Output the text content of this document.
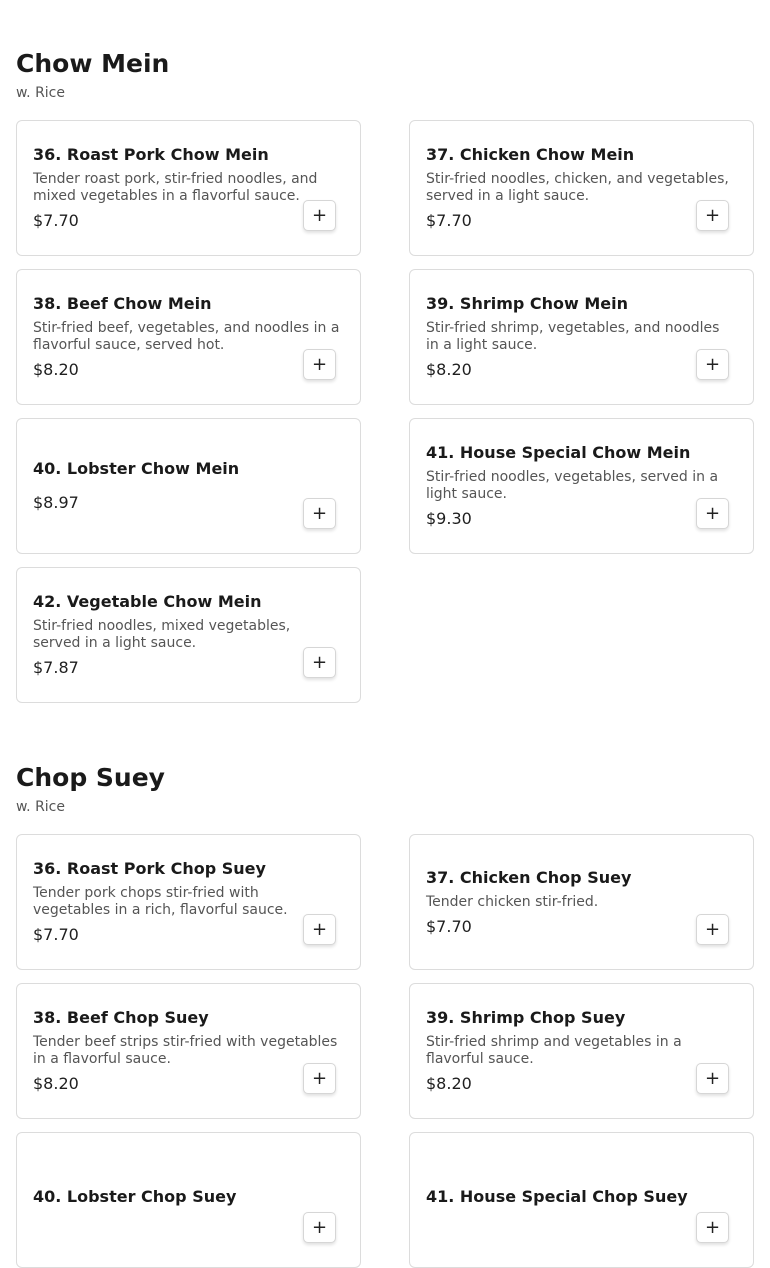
Chow Mein

w. Rice

36. Roast Pork Chow Mein

Tender roast pork, stir-fried noodles, and mixed vegetables in a flavorful sauce.

$7.70	+

37. Chicken Chow Mein

Stir-fried noodles, chicken, and vegetables, served in a light sauce.

$7.70	+

38. Beef Chow Mein

Stir-fried beef, vegetables, and noodles in a flavorful sauce, served hot.

$8.20	+

39. Shrimp Chow Mein

Stir-fried shrimp, vegetables, and noodles in a light sauce.

$8.20	+

40. Lobster Chow Mein

$8.97

+

41. House Special Chow Mein

Stir-fried noodles, vegetables, served in a light sauce.

$9.30	+

42. Vegetable Chow Mein

Stir-fried noodles, mixed vegetables, served in a light sauce.

$7.87	+
Chop Suey

w. Rice

36. Roast Pork Chop Suey

Tender pork chops stir-fried with vegetables in a rich, flavorful sauce.

$7.70	+

37. Chicken Chop Suey

Tender chicken stir-fried.

$7.70	+

38. Beef Chop Suey

Tender beef strips stir-fried with vegetables in a flavorful sauce.

$8.20	+

39. Shrimp Chop Suey

Stir-fried shrimp and vegetables in a flavorful sauce.

$8.20	+

40. Lobster Chop Suey

+

41. House Special Chop Suey

+
